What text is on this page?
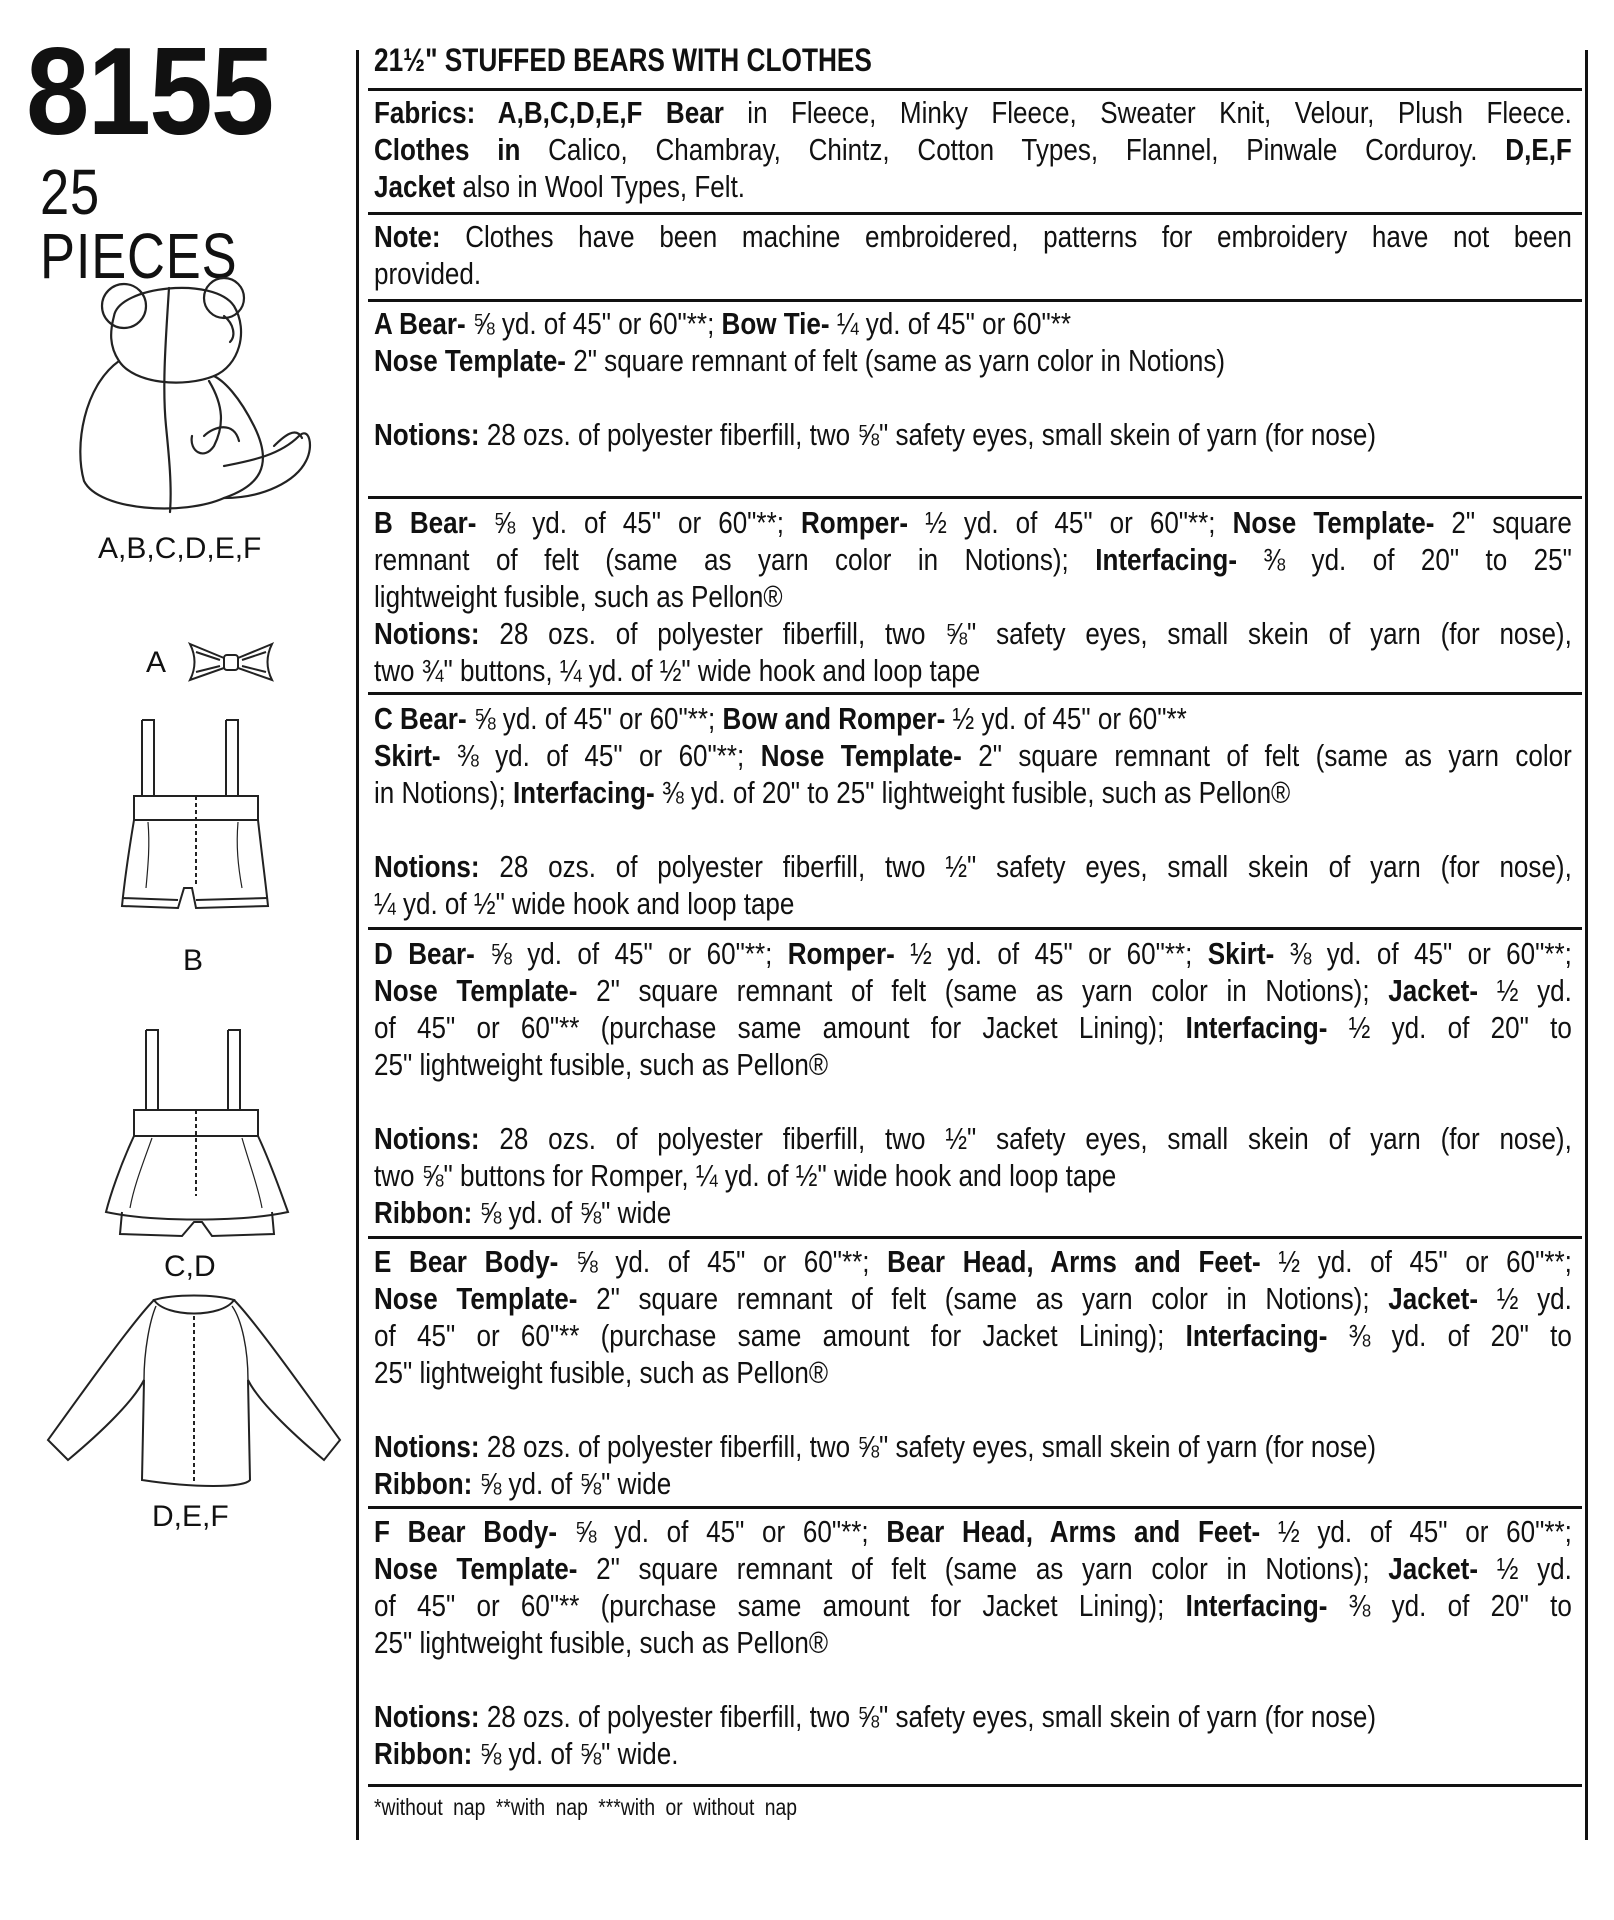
8155
25 PIECES
A,B,C,D,E,F
A
B
C,D
D,E,F
21½" STUFFED BEARS WITH CLOTHES
Fabrics: A,B,C,D,E,F Bear in Fleece, Minky Fleece, Sweater Knit, Velour, Plush Fleece.
Clothes in Calico, Chambray, Chintz, Cotton Types, Flannel, Pinwale Corduroy. D,E,F
Jacket also in Wool Types, Felt.
Note: Clothes have been machine embroidered, patterns for embroidery have not been
provided.
A Bear- ⅝ yd. of 45" or 60"**; Bow Tie- ¼ yd. of 45" or 60"**
Nose Template- 2" square remnant of felt (same as yarn color in Notions)
Notions: 28 ozs. of polyester fiberfill, two ⅝" safety eyes, small skein of yarn (for nose)
B Bear- ⅝ yd. of 45" or 60"**; Romper- ½ yd. of 45" or 60"**; Nose Template- 2" square
remnant of felt (same as yarn color in Notions); Interfacing- ⅜ yd. of 20" to 25"
lightweight fusible, such as Pellon®
Notions: 28 ozs. of polyester fiberfill, two ⅝" safety eyes, small skein of yarn (for nose),
two ¾" buttons, ¼ yd. of ½" wide hook and loop tape
C Bear- ⅝ yd. of 45" or 60"**; Bow and Romper- ½ yd. of 45" or 60"**
Skirt- ⅜ yd. of 45" or 60"**; Nose Template- 2" square remnant of felt (same as yarn color
in Notions); Interfacing- ⅜ yd. of 20" to 25" lightweight fusible, such as Pellon®
Notions: 28 ozs. of polyester fiberfill, two ½" safety eyes, small skein of yarn (for nose),
¼ yd. of ½" wide hook and loop tape
D Bear- ⅝ yd. of 45" or 60"**; Romper- ½ yd. of 45" or 60"**; Skirt- ⅜ yd. of 45" or 60"**;
Nose Template- 2" square remnant of felt (same as yarn color in Notions); Jacket- ½ yd.
of 45" or 60"** (purchase same amount for Jacket Lining); Interfacing- ½ yd. of 20" to
25" lightweight fusible, such as Pellon®
Notions: 28 ozs. of polyester fiberfill, two ½" safety eyes, small skein of yarn (for nose),
two ⅝" buttons for Romper, ¼ yd. of ½" wide hook and loop tape
Ribbon: ⅝ yd. of ⅝" wide
E Bear Body- ⅝ yd. of 45" or 60"**; Bear Head, Arms and Feet- ½ yd. of 45" or 60"**;
Nose Template- 2" square remnant of felt (same as yarn color in Notions); Jacket- ½ yd.
of 45" or 60"** (purchase same amount for Jacket Lining); Interfacing- ⅜ yd. of 20" to
25" lightweight fusible, such as Pellon®
Notions: 28 ozs. of polyester fiberfill, two ⅝" safety eyes, small skein of yarn (for nose)
Ribbon: ⅝ yd. of ⅝" wide
F Bear Body- ⅝ yd. of 45" or 60"**; Bear Head, Arms and Feet- ½ yd. of 45" or 60"**;
Nose Template- 2" square remnant of felt (same as yarn color in Notions); Jacket- ½ yd.
of 45" or 60"** (purchase same amount for Jacket Lining); Interfacing- ⅜ yd. of 20" to
25" lightweight fusible, such as Pellon®
Notions: 28 ozs. of polyester fiberfill, two ⅝" safety eyes, small skein of yarn (for nose)
Ribbon: ⅝ yd. of ⅝" wide.
*without nap **with nap ***with or without nap
